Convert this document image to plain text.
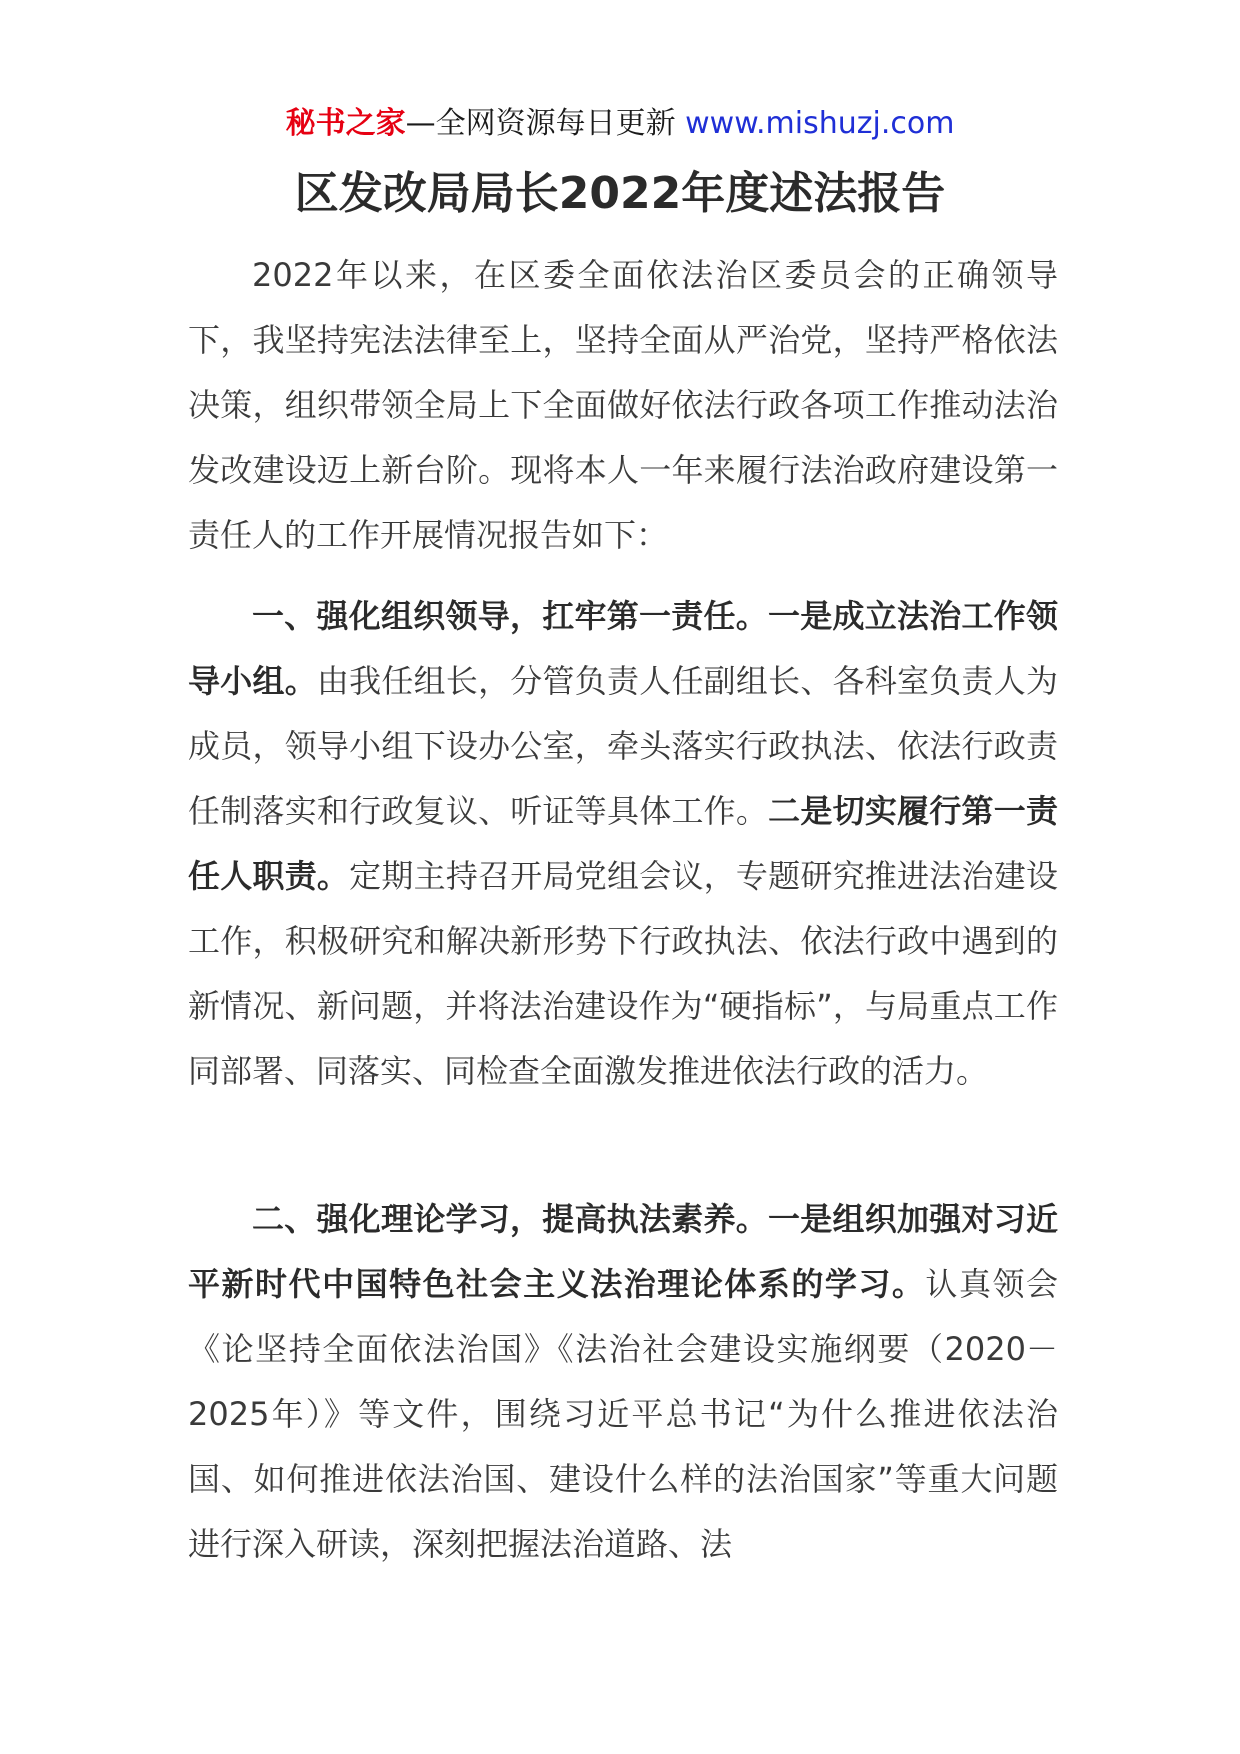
秘书之家—全网资源每日更新 www.mishuzj.com
区发改局局长2022年度述法报告

2022年以来，在区委全面依法治区委员会的正确领导下，我坚持宪法法律至上，坚持全面从严治党，坚持严格依法决策，组织带领全局上下全面做好依法行政各项工作推动法治发改建设迈上新台阶。现将本人一年来履行法治政府建设第一责任人的工作开展情况报告如下：

一、强化组织领导，扛牢第一责任。一是成立法治工作领导小组。由我任组长，分管负责人任副组长、各科室负责人为成员，领导小组下设办公室，牵头落实行政执法、依法行政责任制落实和行政复议、听证等具体工作。二是切实履行第一责任人职责。定期主持召开局党组会议，专题研究推进法治建设工作，积极研究和解决新形势下行政执法、依法行政中遇到的新情况、新问题，并将法治建设作为“硬指标”，与局重点工作同部署、同落实、同检查全面激发推进依法行政的活力。

二、强化理论学习，提高执法素养。一是组织加强对习近平新时代中国特色社会主义法治理论体系的学习。认真领会《论坚持全面依法治国》《法治社会建设实施纲要（2020－2025年）》等文件，围绕习近平总书记“为什么推进依法治国、如何推进依法治国、建设什么样的法治国家”等重大问题进行深入研读，深刻把握法治道路、法
